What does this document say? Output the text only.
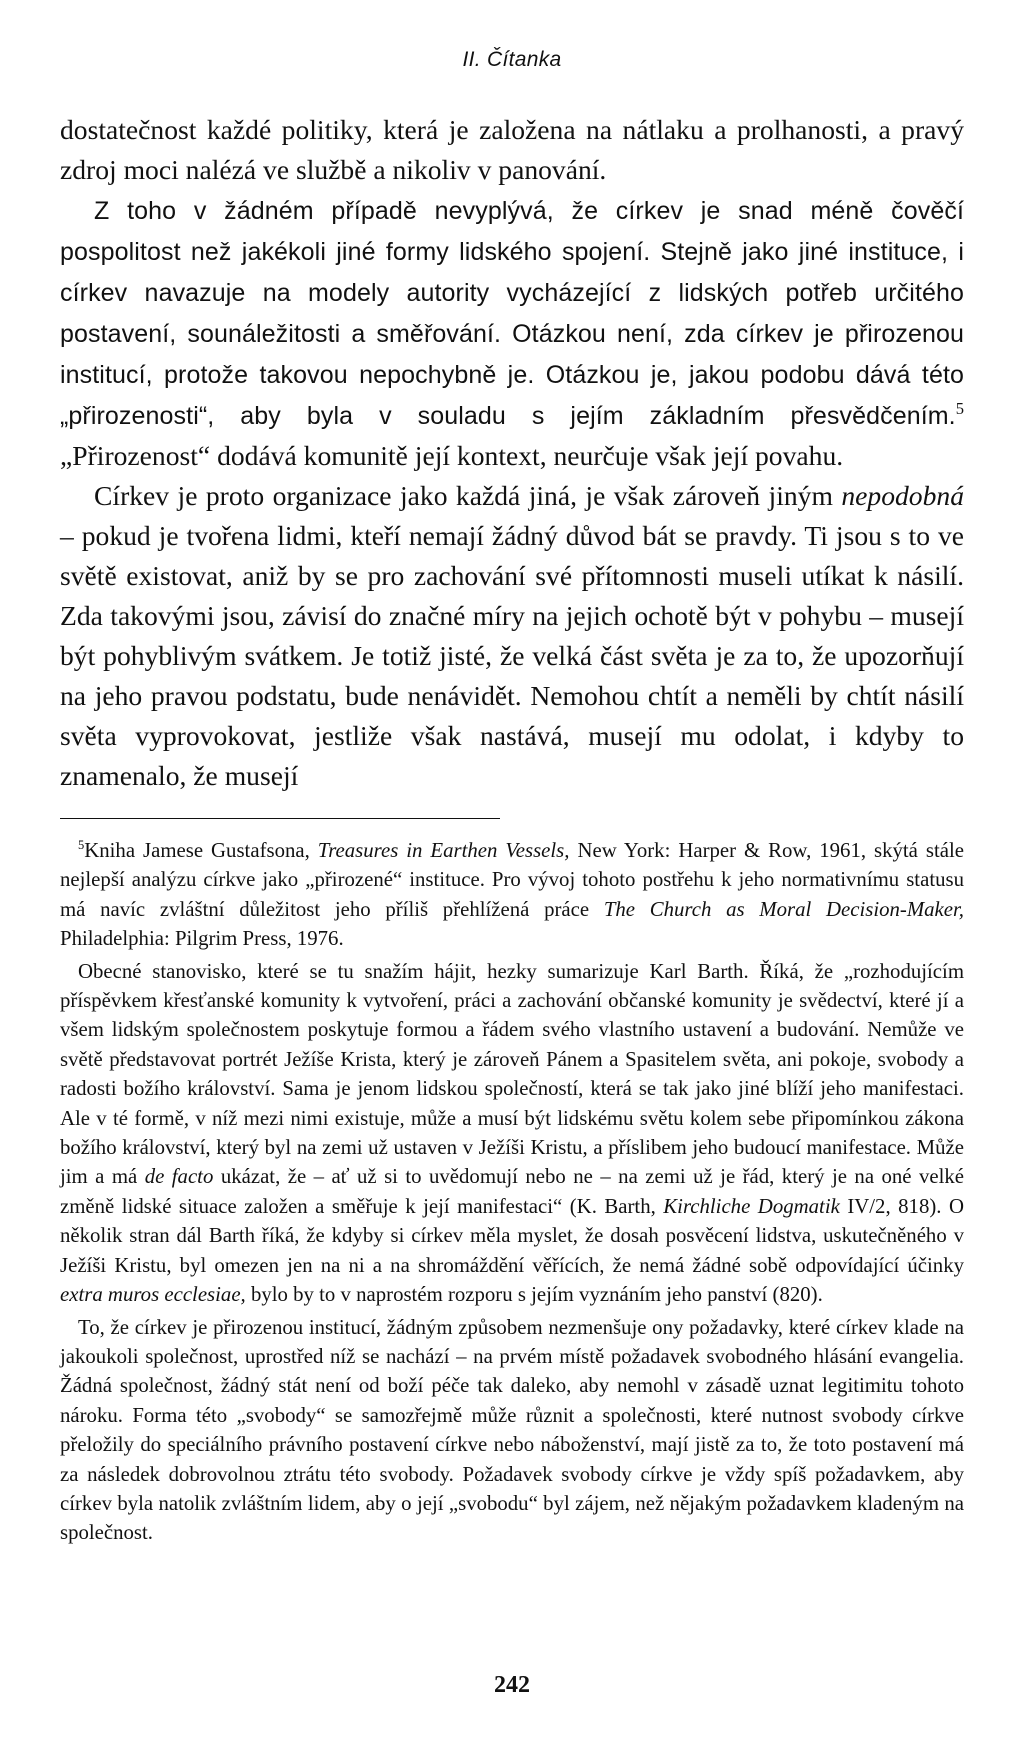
II. Čítanka

dostatečnost každé politiky, která je založena na nátlaku a prolhanosti, a pravý zdroj moci nalézá ve službě a nikoliv v panování.

Z toho v žádném případě nevyplývá, že církev je snad méně čověčí pospolitost než jakékoli jiné formy lidského spojení. Stejně jako jiné instituce, i církev navazuje na modely autority vycházející z lidských potřeb určitého postavení, sounáležitosti a směřování. Otázkou není, zda církev je přirozenou institucí, protože takovou nepochybně je. Otázkou je, jakou podobu dává této „přirozenosti“, aby byla v souladu s jejím základním přesvědčením.$^5$ „Přirozenost“ dodává komunitě její kontext, neurčuje však její povahu.

Církev je proto organizace jako každá jiná, je však zároveň jiným nepodobná – pokud je tvořena lidmi, kteří nemají žádný důvod bát se pravdy. Ti jsou s to ve světě existovat, aniž by se pro zachování své přítomnosti museli utíkat k násilí. Zda takovými jsou, závisí do značné míry na jejich ochotě být v pohybu – musejí být pohyblivým svátkem. Je totiž jisté, že velká část světa je za to, že upozorňují na jeho pravou podstatu, bude nenávidět. Nemohou chtít a neměli by chtít násilí světa vyprovokovat, jestliže však nastává, musejí mu odolat, i kdyby to znamenalo, že musejí

$^5$Kniha Jamese Gustafsona, Treasures in Earthen Vessels, New York: Harper & Row, 1961, skýtá stále nejlepší analýzu církve jako „přirozené“ instituce. Pro vývoj tohoto postřehu k jeho normativnímu statusu má navíc zvláštní důležitost jeho příliš přehlížená práce The Church as Moral Decision-Maker, Philadelphia: Pilgrim Press, 1976.

Obecné stanovisko, které se tu snažím hájit, hezky sumarizuje Karl Barth. Říká, že „rozhodujícím příspěvkem křesťanské komunity k vytvoření, práci a zachování občanské komunity je svědectví, které jí a všem lidským společnostem poskytuje formou a řádem svého vlastního ustavení a budování. Nemůže ve světě představovat portrét Ježíše Krista, který je zároveň Pánem a Spasitelem světa, ani pokoje, svobody a radosti božího království. Sama je jenom lidskou společností, která se tak jako jiné blíží jeho manifestaci. Ale v té formě, v níž mezi nimi existuje, může a musí být lidskému světu kolem sebe připomínkou zákona božího království, který byl na zemi už ustaven v Ježíši Kristu, a příslibem jeho budoucí manifestace. Může jim a má de facto ukázat, že – ať už si to uvědomují nebo ne – na zemi už je řád, který je na oné velké změně lidské situace založen a směřuje k její manifestaci“ (K. Barth, Kirchliche Dogmatik IV/2, 818). O několik stran dál Barth říká, že kdyby si církev měla myslet, že dosah posvěcení lidstva, uskutečněného v Ježíši Kristu, byl omezen jen na ni a na shromáždění věřících, že nemá žádné sobě odpovídající účinky extra muros ecclesiae, bylo by to v naprostém rozporu s jejím vyznáním jeho panství (820).

To, že církev je přirozenou institucí, žádným způsobem nezmenšuje ony požadavky, které církev klade na jakoukoli společnost, uprostřed níž se nachází – na prvém místě požadavek svobodného hlásání evangelia. Žádná společnost, žádný stát není od boží péče tak daleko, aby nemohl v zásadě uznat legitimitu tohoto nároku. Forma této „svobody“ se samozřejmě může různit a společnosti, které nutnost svobody církve přeložily do speciálního právního postavení církve nebo náboženství, mají jistě za to, že toto postavení má za následek dobrovolnou ztrátu této svobody. Požadavek svobody církve je vždy spíš požadavkem, aby církev byla natolik zvláštním lidem, aby o její „svobodu“ byl zájem, než nějakým požadavkem kladeným na společnost.

242
